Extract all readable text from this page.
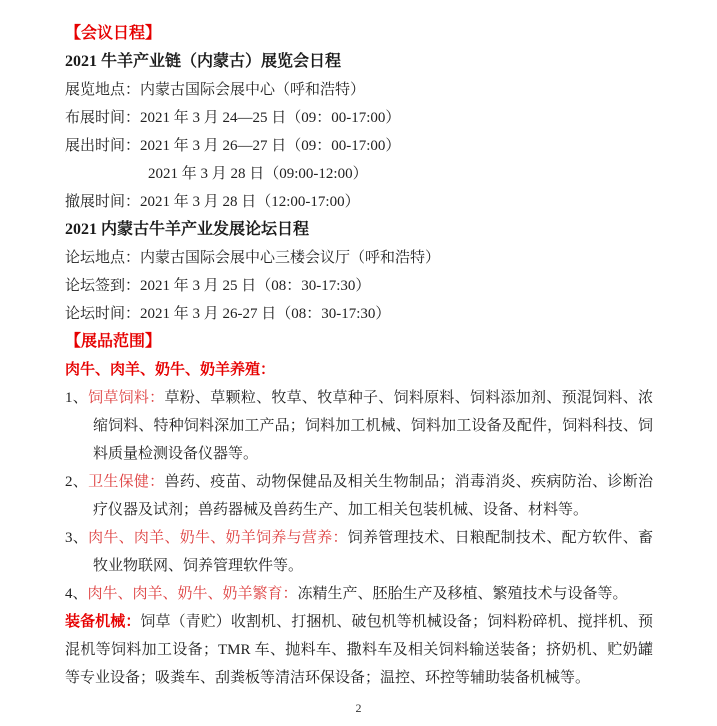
【会议日程】

2021 牛羊产业链（内蒙古）展览会日程

展览地点：内蒙古国际会展中心（呼和浩特）

布展时间：2021 年 3 月 24—25 日（09：00-17:00）

展出时间：2021 年 3 月 26—27 日（09：00-17:00）

2021 年 3 月 28 日（09:00-12:00）

撤展时间：2021 年 3 月 28 日（12:00-17:00）

2021 内蒙古牛羊产业发展论坛日程

论坛地点：内蒙古国际会展中心三楼会议厅（呼和浩特）

论坛签到：2021 年 3 月 25 日（08：30-17:30）

论坛时间：2021 年 3 月 26-27 日（08：30-17:30）

【展品范围】

肉牛、肉羊、奶牛、奶羊养殖：

1、饲草饲料：草粉、草颗粒、牧草、牧草种子、饲料原料、饲料添加剂、预混饲料、浓缩饲料、特种饲料深加工产品；饲料加工机械、饲料加工设备及配件，饲料科技、饲料质量检测设备仪器等。

2、卫生保健：兽药、疫苗、动物保健品及相关生物制品；消毒消炎、疾病防治、诊断治疗仪器及试剂；兽药器械及兽药生产、加工相关包装机械、设备、材料等。

3、肉牛、肉羊、奶牛、奶羊饲养与营养：饲养管理技术、日粮配制技术、配方软件、畜牧业物联网、饲养管理软件等。

4、肉牛、肉羊、奶牛、奶羊繁育：冻精生产、胚胎生产及移植、繁殖技术与设备等。

装备机械：饲草（青贮）收割机、打捆机、破包机等机械设备；饲料粉碎机、搅拌机、预混机等饲料加工设备；TMR 车、抛料车、撒料车及相关饲料输送装备；挤奶机、贮奶罐等专业设备；吸粪车、刮粪板等清洁环保设备；温控、环控等辅助装备机械等。

2
